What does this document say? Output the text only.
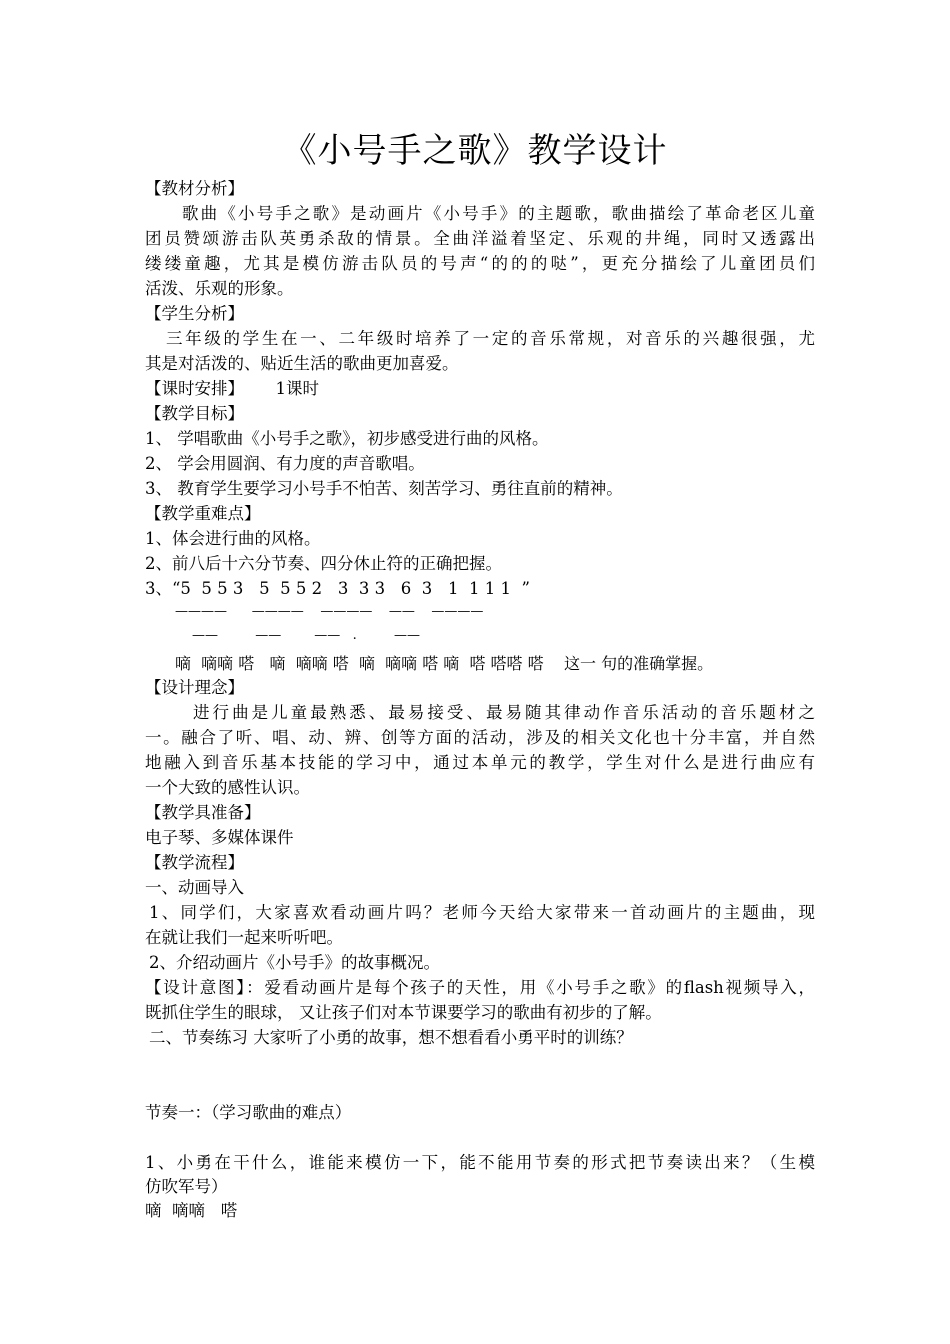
《小号手之歌》教学设计
【教材分析】
歌曲《小号手之歌》是动画片《小号手》的主题歌，歌曲描绘了革命老区儿童
团员赞颂游击队英勇杀敌的情景。全曲洋溢着坚定、乐观的井绳，同时又透露出
缕缕童趣，尤其是模仿游击队员的号声“的的的哒”，更充分描绘了儿童团员们
活泼、乐观的形象。
【学生分析】
三年级的学生在一、二年级时培养了一定的音乐常规，对音乐的兴趣很强，尤
其是对活泼的、贴近生活的歌曲更加喜爱。
【课时安排】      1课时
【教学目标】
1、 学唱歌曲《小号手之歌》，初步感受进行曲的风格。
2、 学会用圆润、有力度的声音歌唱。
3、 教育学生要学习小号手不怕苦、刻苦学习、勇往直前的精神。
【教学重难点】
1、体会进行曲的风格。
2、前八后十六分节奏、四分休止符的正确把握。
3、“5  5 5 3   5  5 5 2   3  3 3   6  3   1  1 1 1  ”
————      ————    ————    ——    ————
——         ——        ——   .         ——
嘀  嘀嘀 嗒   嘀  嘀嘀 嗒  嘀  嘀嘀 嗒 嘀  嗒 嗒嗒 嗒    这一 句的准确掌握。
【设计理念】
进行曲是儿童最熟悉、最易接受、最易随其律动作音乐活动的音乐题材之
一。融合了听、唱、动、辨、创等方面的活动，涉及的相关文化也十分丰富，并自然
地融入到音乐基本技能的学习中，通过本单元的教学，学生对什么是进行曲应有
一个大致的感性认识。
【教学具准备】
电子琴、多媒体课件
【教学流程】
一、动画导入
1、同学们，大家喜欢看动画片吗？老师今天给大家带来一首动画片的主题曲，现
在就让我们一起来听听吧。
2、介绍动画片《小号手》的故事概况。
【设计意图】：爱看动画片是每个孩子的天性，用《小号手之歌》的flash视频导入，
既抓住学生的眼球， 又让孩子们对本节课要学习的歌曲有初步的了解。
二、节奏练习 大家听了小勇的故事，想不想看看小勇平时的训练？
节奏一：（学习歌曲的难点）
1、小勇在干什么，谁能来模仿一下，能不能用节奏的形式把节奏读出来？（生模
仿吹军号）
嘀  嘀嘀   嗒
